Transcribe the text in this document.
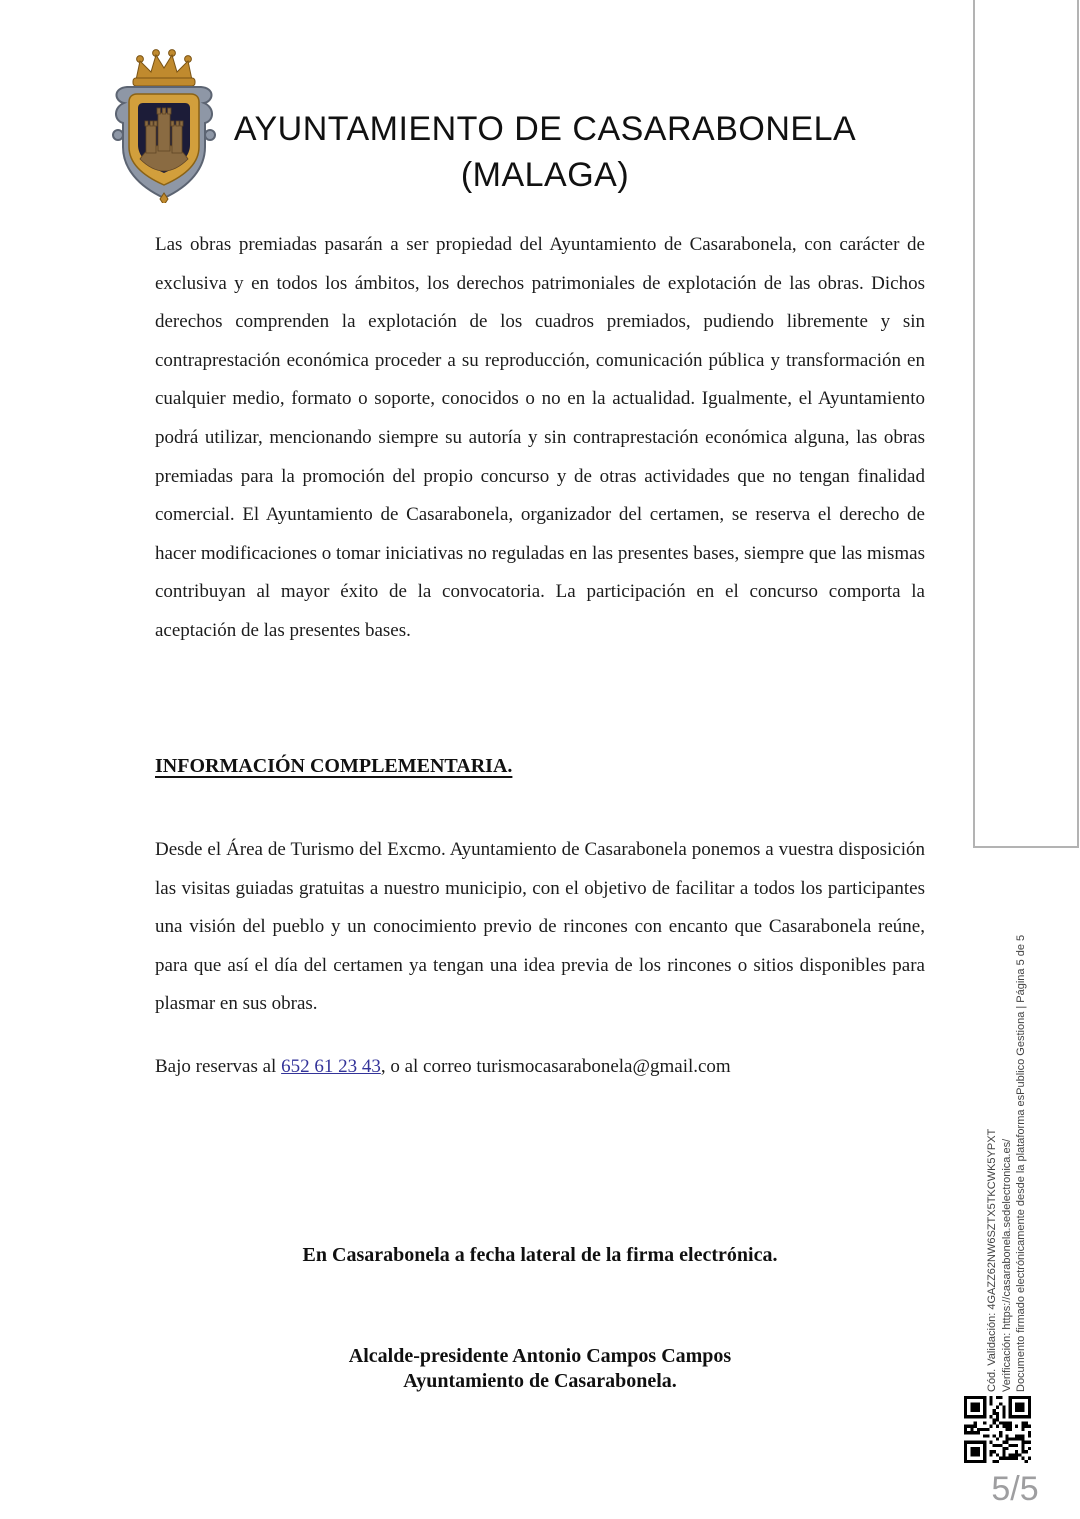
AYUNTAMIENTO DE CASARABONELA
(MALAGA)

Las obras premiadas pasarán a ser propiedad del Ayuntamiento de Casarabonela, con carácter de exclusiva y en todos los ámbitos, los derechos patrimoniales de explotación de las obras. Dichos derechos comprenden la explotación de los cuadros premiados, pudiendo libremente y sin contraprestación económica proceder a su reproducción, comunicación pública y transformación en cualquier medio, formato o soporte, conocidos o no en la actualidad. Igualmente, el Ayuntamiento podrá utilizar, mencionando siempre su autoría y sin contraprestación económica alguna, las obras premiadas para la promoción del propio concurso y de otras actividades que no tengan finalidad comercial. El Ayuntamiento de Casarabonela, organizador del certamen, se reserva el derecho de hacer modificaciones o tomar iniciativas no reguladas en las presentes bases, siempre que las mismas contribuyan al mayor éxito de la convocatoria. La participación en el concurso comporta la aceptación de las presentes bases.

INFORMACIÓN COMPLEMENTARIA.

Desde el Área de Turismo del Excmo. Ayuntamiento de Casarabonela ponemos a vuestra disposición las visitas guiadas gratuitas a nuestro municipio, con el objetivo de facilitar a todos los participantes una visión del pueblo y un conocimiento previo de rincones con encanto que Casarabonela reúne, para que así el día del certamen ya tengan una idea previa de los rincones o sitios disponibles para plasmar en sus obras.

Bajo reservas al 652 61 23 43, o al correo turismocasarabonela@gmail.com

En Casarabonela a fecha lateral de la firma electrónica.

Alcalde-presidente Antonio Campos Campos
Ayuntamiento de Casarabonela.	Cód. Validación: 4GAZZ62NW6SZTX5TKCWK5YPXT Verificación: https://casarabonela.sedelectronica.es/ Documento firmado electrónicamente desde la plataforma esPublico Gestiona | Página 5 de 5
5/5
